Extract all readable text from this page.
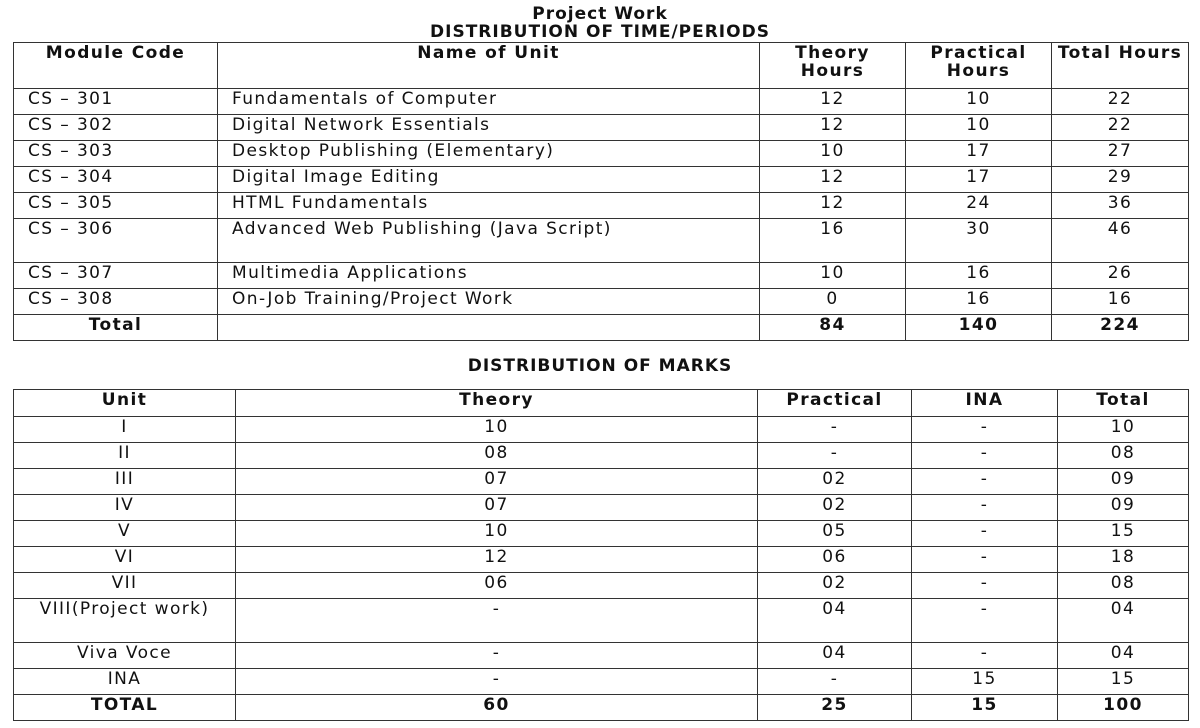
Project Work
DISTRIBUTION OF TIME/PERIODS
Module Code	Name of Unit	Theory Hours	Practical Hours	Total Hours
CS – 301	Fundamentals of Computer	12	10	22
CS – 302	Digital Network Essentials	12	10	22
CS – 303	Desktop Publishing (Elementary)	10	17	27
CS – 304	Digital Image Editing	12	17	29
CS – 305	HTML Fundamentals	12	24	36
CS – 306	Advanced Web Publishing (Java Script)	16	30	46
CS – 307	Multimedia Applications	10	16	26
CS – 308	On-Job Training/Project Work	0	16	16
Total		84	140	224
DISTRIBUTION OF MARKS
Unit	Theory	Practical	INA	Total
I	10	-	-	10
II	08	-	-	08
III	07	02	-	09
IV	07	02	-	09
V	10	05	-	15
VI	12	06	-	18
VII	06	02	-	08
VIII(Project work)	-	04	-	04
Viva Voce	-	04	-	04
INA	-	-	15	15
TOTAL	60	25	15	100
